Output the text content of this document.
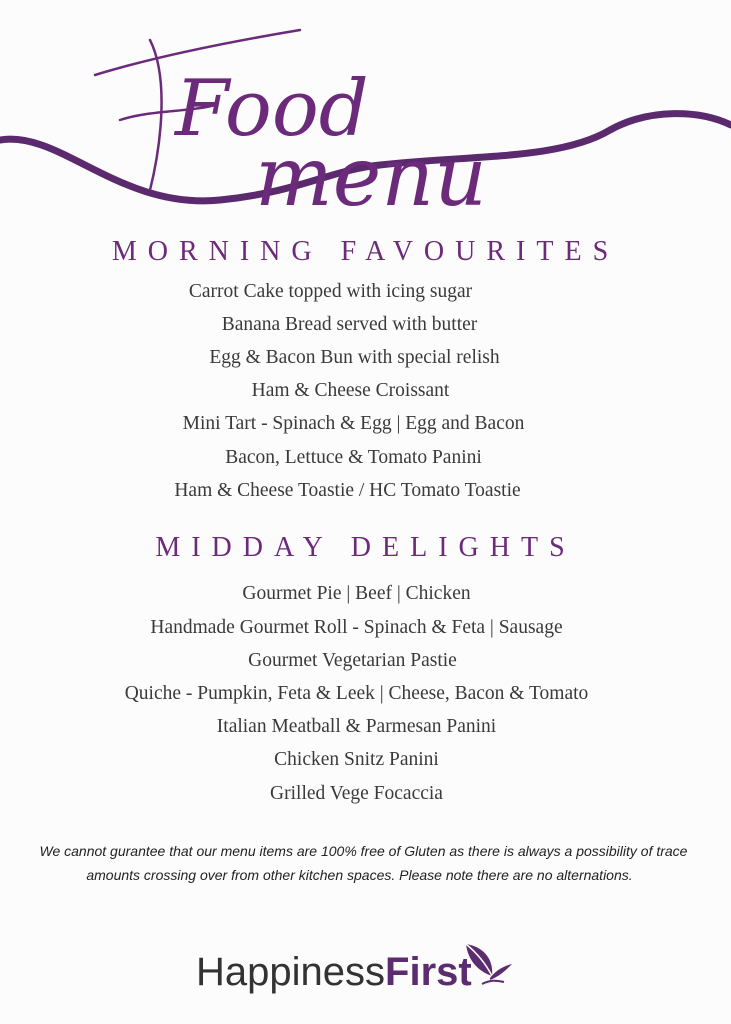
Food
menu
MORNING FAVOURITES
Carrot Cake topped with icing sugar
Banana Bread served with butter
Egg & Bacon Bun with special relish
Ham & Cheese Croissant
Mini Tart - Spinach & Egg | Egg and Bacon
Bacon, Lettuce & Tomato Panini
Ham & Cheese Toastie / HC Tomato Toastie
MIDDAY DELIGHTS
Gourmet Pie | Beef | Chicken
Handmade Gourmet Roll - Spinach & Feta | Sausage
Gourmet Vegetarian Pastie
Quiche - Pumpkin, Feta & Leek | Cheese, Bacon & Tomato
Italian Meatball & Parmesan Panini
Chicken Snitz Panini
Grilled Vege Focaccia
We cannot gurantee that our menu items are 100% free of Gluten as there is always a possibility of trace
amounts crossing over from other kitchen spaces. Please note there are no alternations.
HappinessFirst
